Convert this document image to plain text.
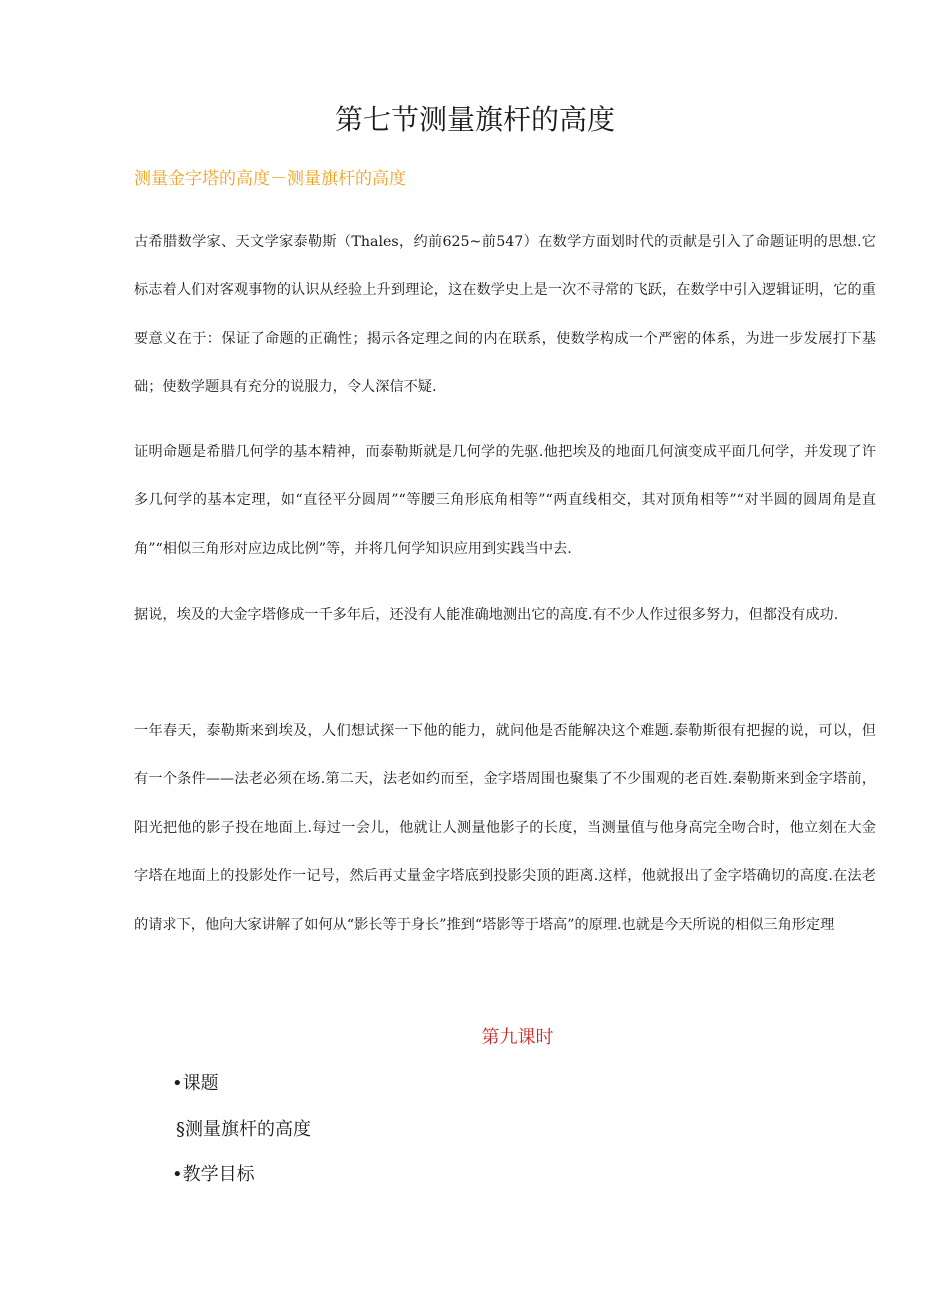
第七节测量旗杆的高度
测量金字塔的高度－测量旗杆的高度

古希腊数学家、天文学家泰勒斯（Thales，约前625~前547）在数学方面划时代的贡献是引入了命题证明的思想.它标志着人们对客观事物的认识从经验上升到理论，这在数学史上是一次不寻常的飞跃，在数学中引入逻辑证明，它的重要意义在于：保证了命题的正确性；揭示各定理之间的内在联系，使数学构成一个严密的体系，为进一步发展打下基础；使数学题具有充分的说服力，令人深信不疑.

证明命题是希腊几何学的基本精神，而泰勒斯就是几何学的先驱.他把埃及的地面几何演变成平面几何学，并发现了许多几何学的基本定理，如“直径平分圆周”“等腰三角形底角相等”“两直线相交，其对顶角相等”“对半圆的圆周角是直角”“相似三角形对应边成比例”等，并将几何学知识应用到实践当中去.

据说，埃及的大金字塔修成一千多年后，还没有人能准确地测出它的高度.有不少人作过很多努力，但都没有成功.

一年春天，泰勒斯来到埃及，人们想试探一下他的能力，就问他是否能解决这个难题.泰勒斯很有把握的说，可以，但有一个条件——法老必须在场.第二天，法老如约而至，金字塔周围也聚集了不少围观的老百姓.秦勒斯来到金字塔前，阳光把他的影子投在地面上.每过一会儿，他就让人测量他影子的长度，当测量值与他身高完全吻合时，他立刻在大金字塔在地面上的投影处作一记号，然后再丈量金字塔底到投影尖顶的距离.这样，他就报出了金字塔确切的高度.在法老的请求下，他向大家讲解了如何从“影长等于身长”推到“塔影等于塔高”的原理.也就是今天所说的相似三角形定理

第九课时

•课题

§测量旗杆的高度

•教学目标
